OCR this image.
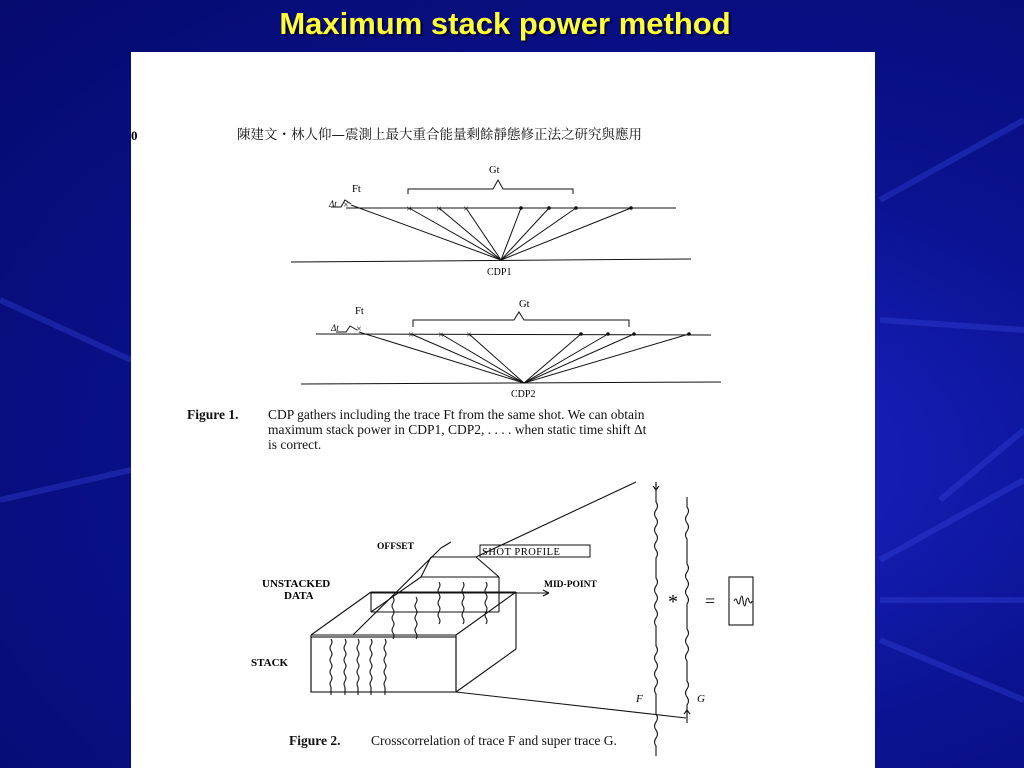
Maximum stack power method
0	陳建文・林人仰—震測上最大重合能量剩餘靜態修正法之研究與應用
×	× × ×
Ft
Δt
Gt
CDP1
×
× × ×
Ft
Δt
Gt
CDP2
SHOT PROFILE
OFFSET
MID-POINT
UNSTACKED
DATA
STACK
F	G
* =
Figure 1. CDP gathers including the trace Ft from the same shot. We can obtain
maximum stack power in CDP1, CDP2, . . . . when static time shift Δt
is correct.
Figure 2. Crosscorrelation of trace F and super trace G.
